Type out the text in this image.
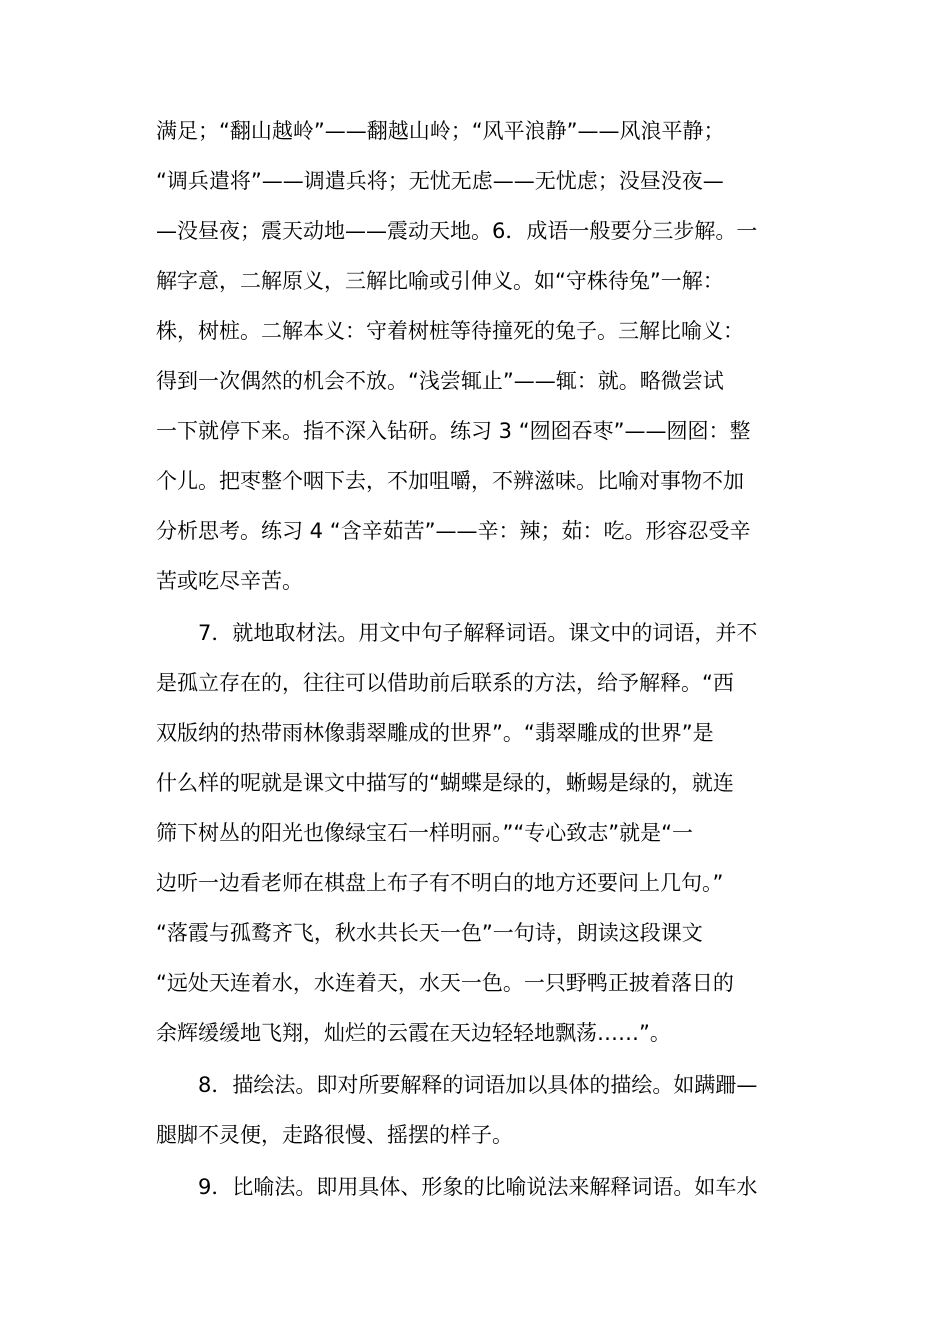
满足；“翻山越岭”——翻越山岭；“风平浪静”——风浪平静；
“调兵遣将”——调遣兵将；无忧无虑——无忧虑；没昼没夜—
—没昼夜；震天动地——震动天地。6．成语一般要分三步解。一
解字意，二解原义，三解比喻或引伸义。如“守株待兔”一解：
株，树桩。二解本义：守着树桩等待撞死的兔子。三解比喻义：
得到一次偶然的机会不放。“浅尝辄止”——辄：就。略微尝试
一下就停下来。指不深入钻研。练习 3 “囫囵吞枣”——囫囵：整
个儿。把枣整个咽下去，不加咀嚼，不辨滋味。比喻对事物不加
分析思考。练习 4 “含辛茹苦”——辛：辣；茹：吃。形容忍受辛
苦或吃尽辛苦。
　　7．就地取材法。用文中句子解释词语。课文中的词语，并不
是孤立存在的，往往可以借助前后联系的方法，给予解释。“西
双版纳的热带雨林像翡翠雕成的世界”。“翡翠雕成的世界”是
什么样的呢就是课文中描写的“蝴蝶是绿的，蜥蜴是绿的，就连
筛下树丛的阳光也像绿宝石一样明丽。”“专心致志”就是“一
边听一边看老师在棋盘上布子有不明白的地方还要问上几句。”
“落霞与孤鹜齐飞，秋水共长天一色”一句诗，朗读这段课文
“远处天连着水，水连着天，水天一色。一只野鸭正披着落日的
余辉缓缓地飞翔，灿烂的云霞在天边轻轻地飘荡……”。
　　8．描绘法。即对所要解释的词语加以具体的描绘。如蹒跚—
腿脚不灵便，走路很慢、摇摆的样子。
　　9．比喻法。即用具体、形象的比喻说法来解释词语。如车水
